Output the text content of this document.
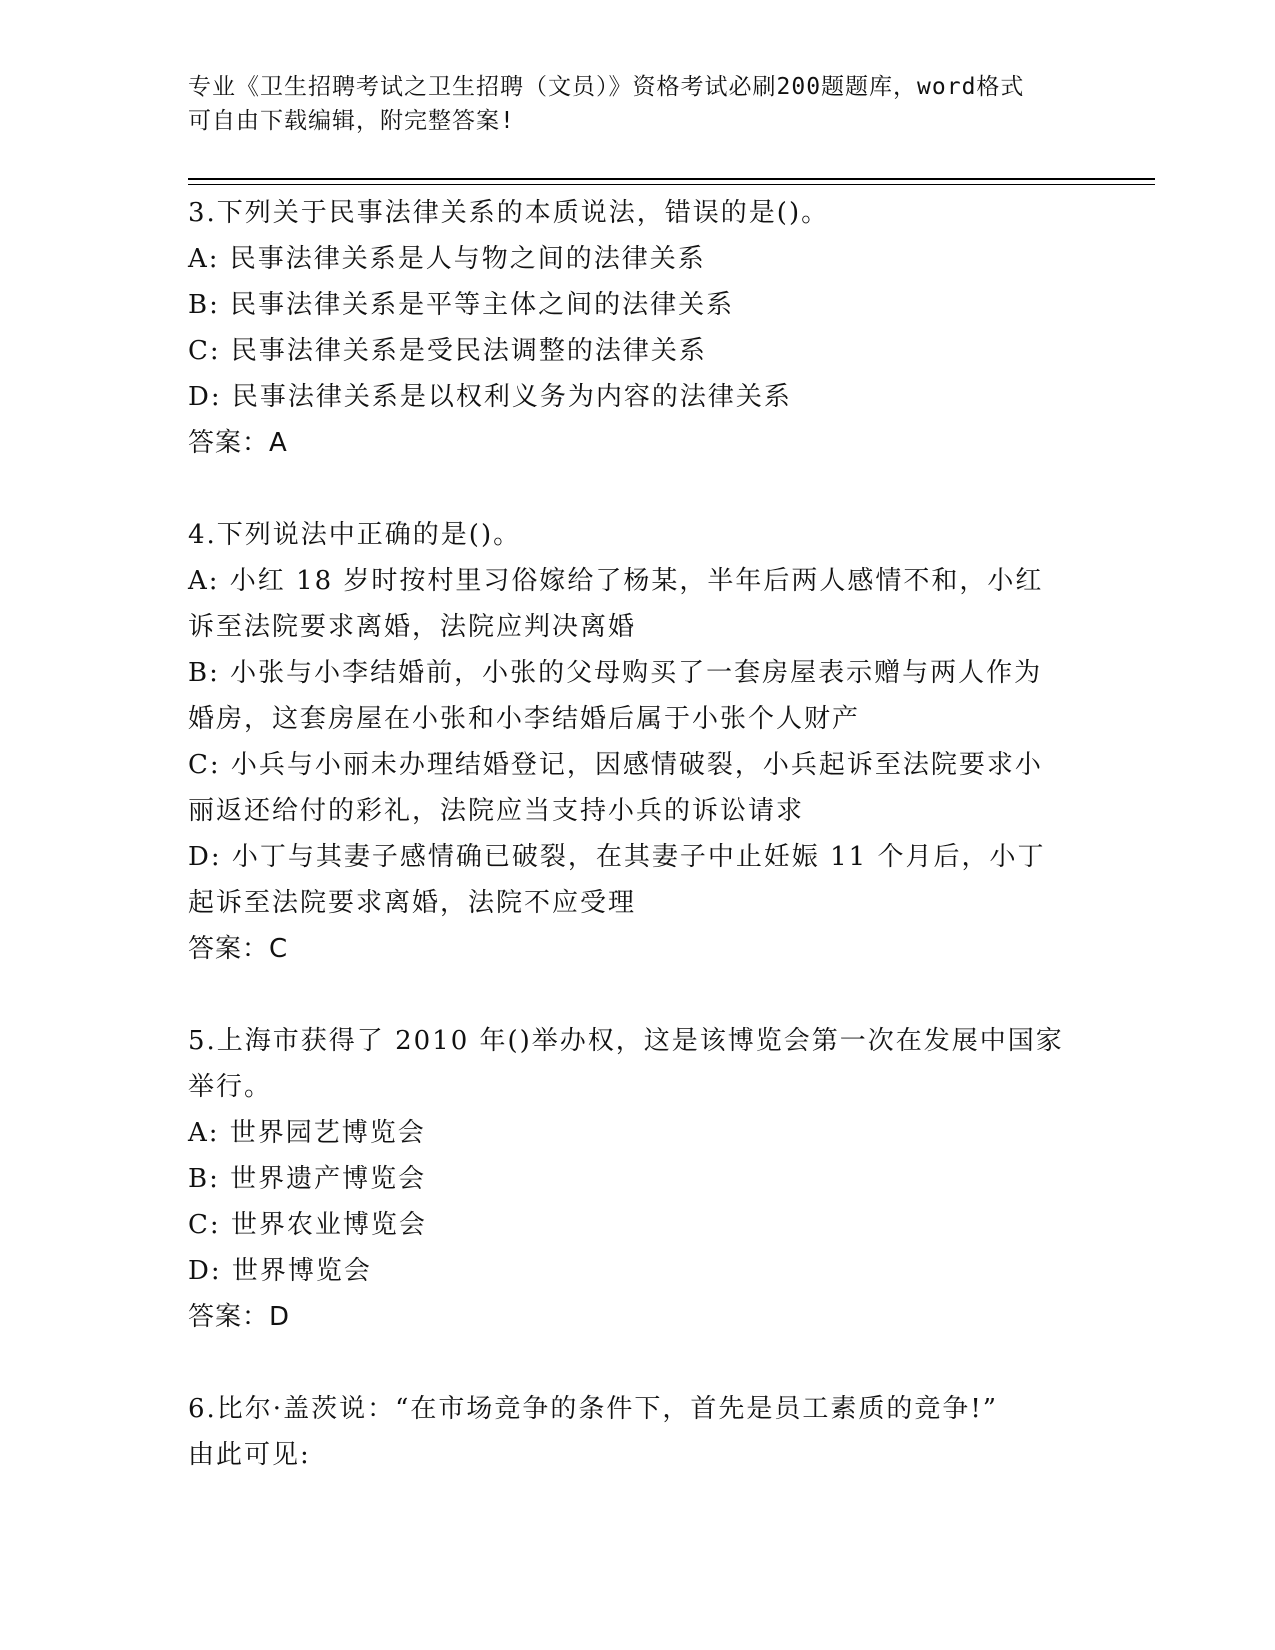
专业《卫生招聘考试之卫生招聘（文员）》资格考试必刷200题题库，word格式
可自由下载编辑，附完整答案!
3.下列关于民事法律关系的本质说法，错误的是()。
A: 民事法律关系是人与物之间的法律关系
B: 民事法律关系是平等主体之间的法律关系
C: 民事法律关系是受民法调整的法律关系
D: 民事法律关系是以权利义务为内容的法律关系
答案：A
4.下列说法中正确的是()。
A: 小红 18 岁时按村里习俗嫁给了杨某，半年后两人感情不和，小红
诉至法院要求离婚，法院应判决离婚
B: 小张与小李结婚前，小张的父母购买了一套房屋表示赠与两人作为
婚房，这套房屋在小张和小李结婚后属于小张个人财产
C: 小兵与小丽未办理结婚登记，因感情破裂，小兵起诉至法院要求小
丽返还给付的彩礼，法院应当支持小兵的诉讼请求
D: 小丁与其妻子感情确已破裂，在其妻子中止妊娠 11 个月后，小丁
起诉至法院要求离婚，法院不应受理
答案：C
5.上海市获得了 2010 年()举办权，这是该博览会第一次在发展中国家
举行。
A: 世界园艺博览会
B: 世界遗产博览会
C: 世界农业博览会
D: 世界博览会
答案：D
6.比尔·盖茨说：“在市场竞争的条件下，首先是员工素质的竞争!”
由此可见:
